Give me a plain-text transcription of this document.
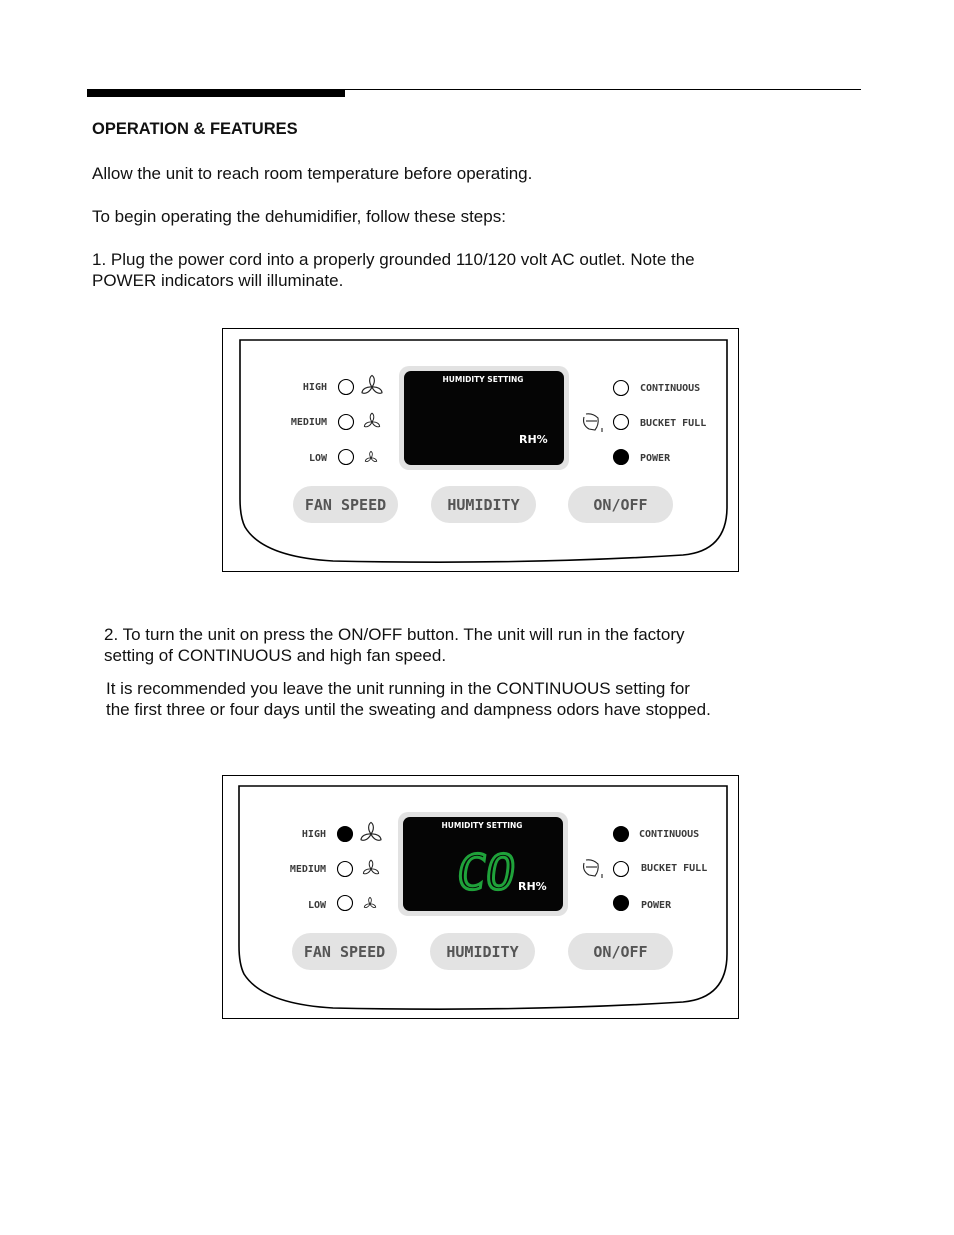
OPERATION & FEATURES

Allow the unit to reach room temperature before operating.

To begin operating the dehumidifier, follow these steps:

1. Plug the power cord into a properly grounded 110/120 volt AC outlet. Note the

POWER indicators will illuminate.

HIGH
MEDIUM
LOW
HUMIDITY SETTING
RH%
CONTINUOUS
BUCKET FULL
POWER
FAN SPEED	HUMIDITY	ON/OFF

2. To turn the unit on press the ON/OFF button. The unit will run in the factory

setting of CONTINUOUS and high fan speed.

It is recommended you leave the unit running in the CONTINUOUS setting for

the first three or four days until the sweating and dampness odors have stopped.

HIGH
MEDIUM
LOW
HUMIDITY SETTING
CO RH%
CONTINUOUS
BUCKET FULL
POWER
FAN SPEED	HUMIDITY	ON/OFF
